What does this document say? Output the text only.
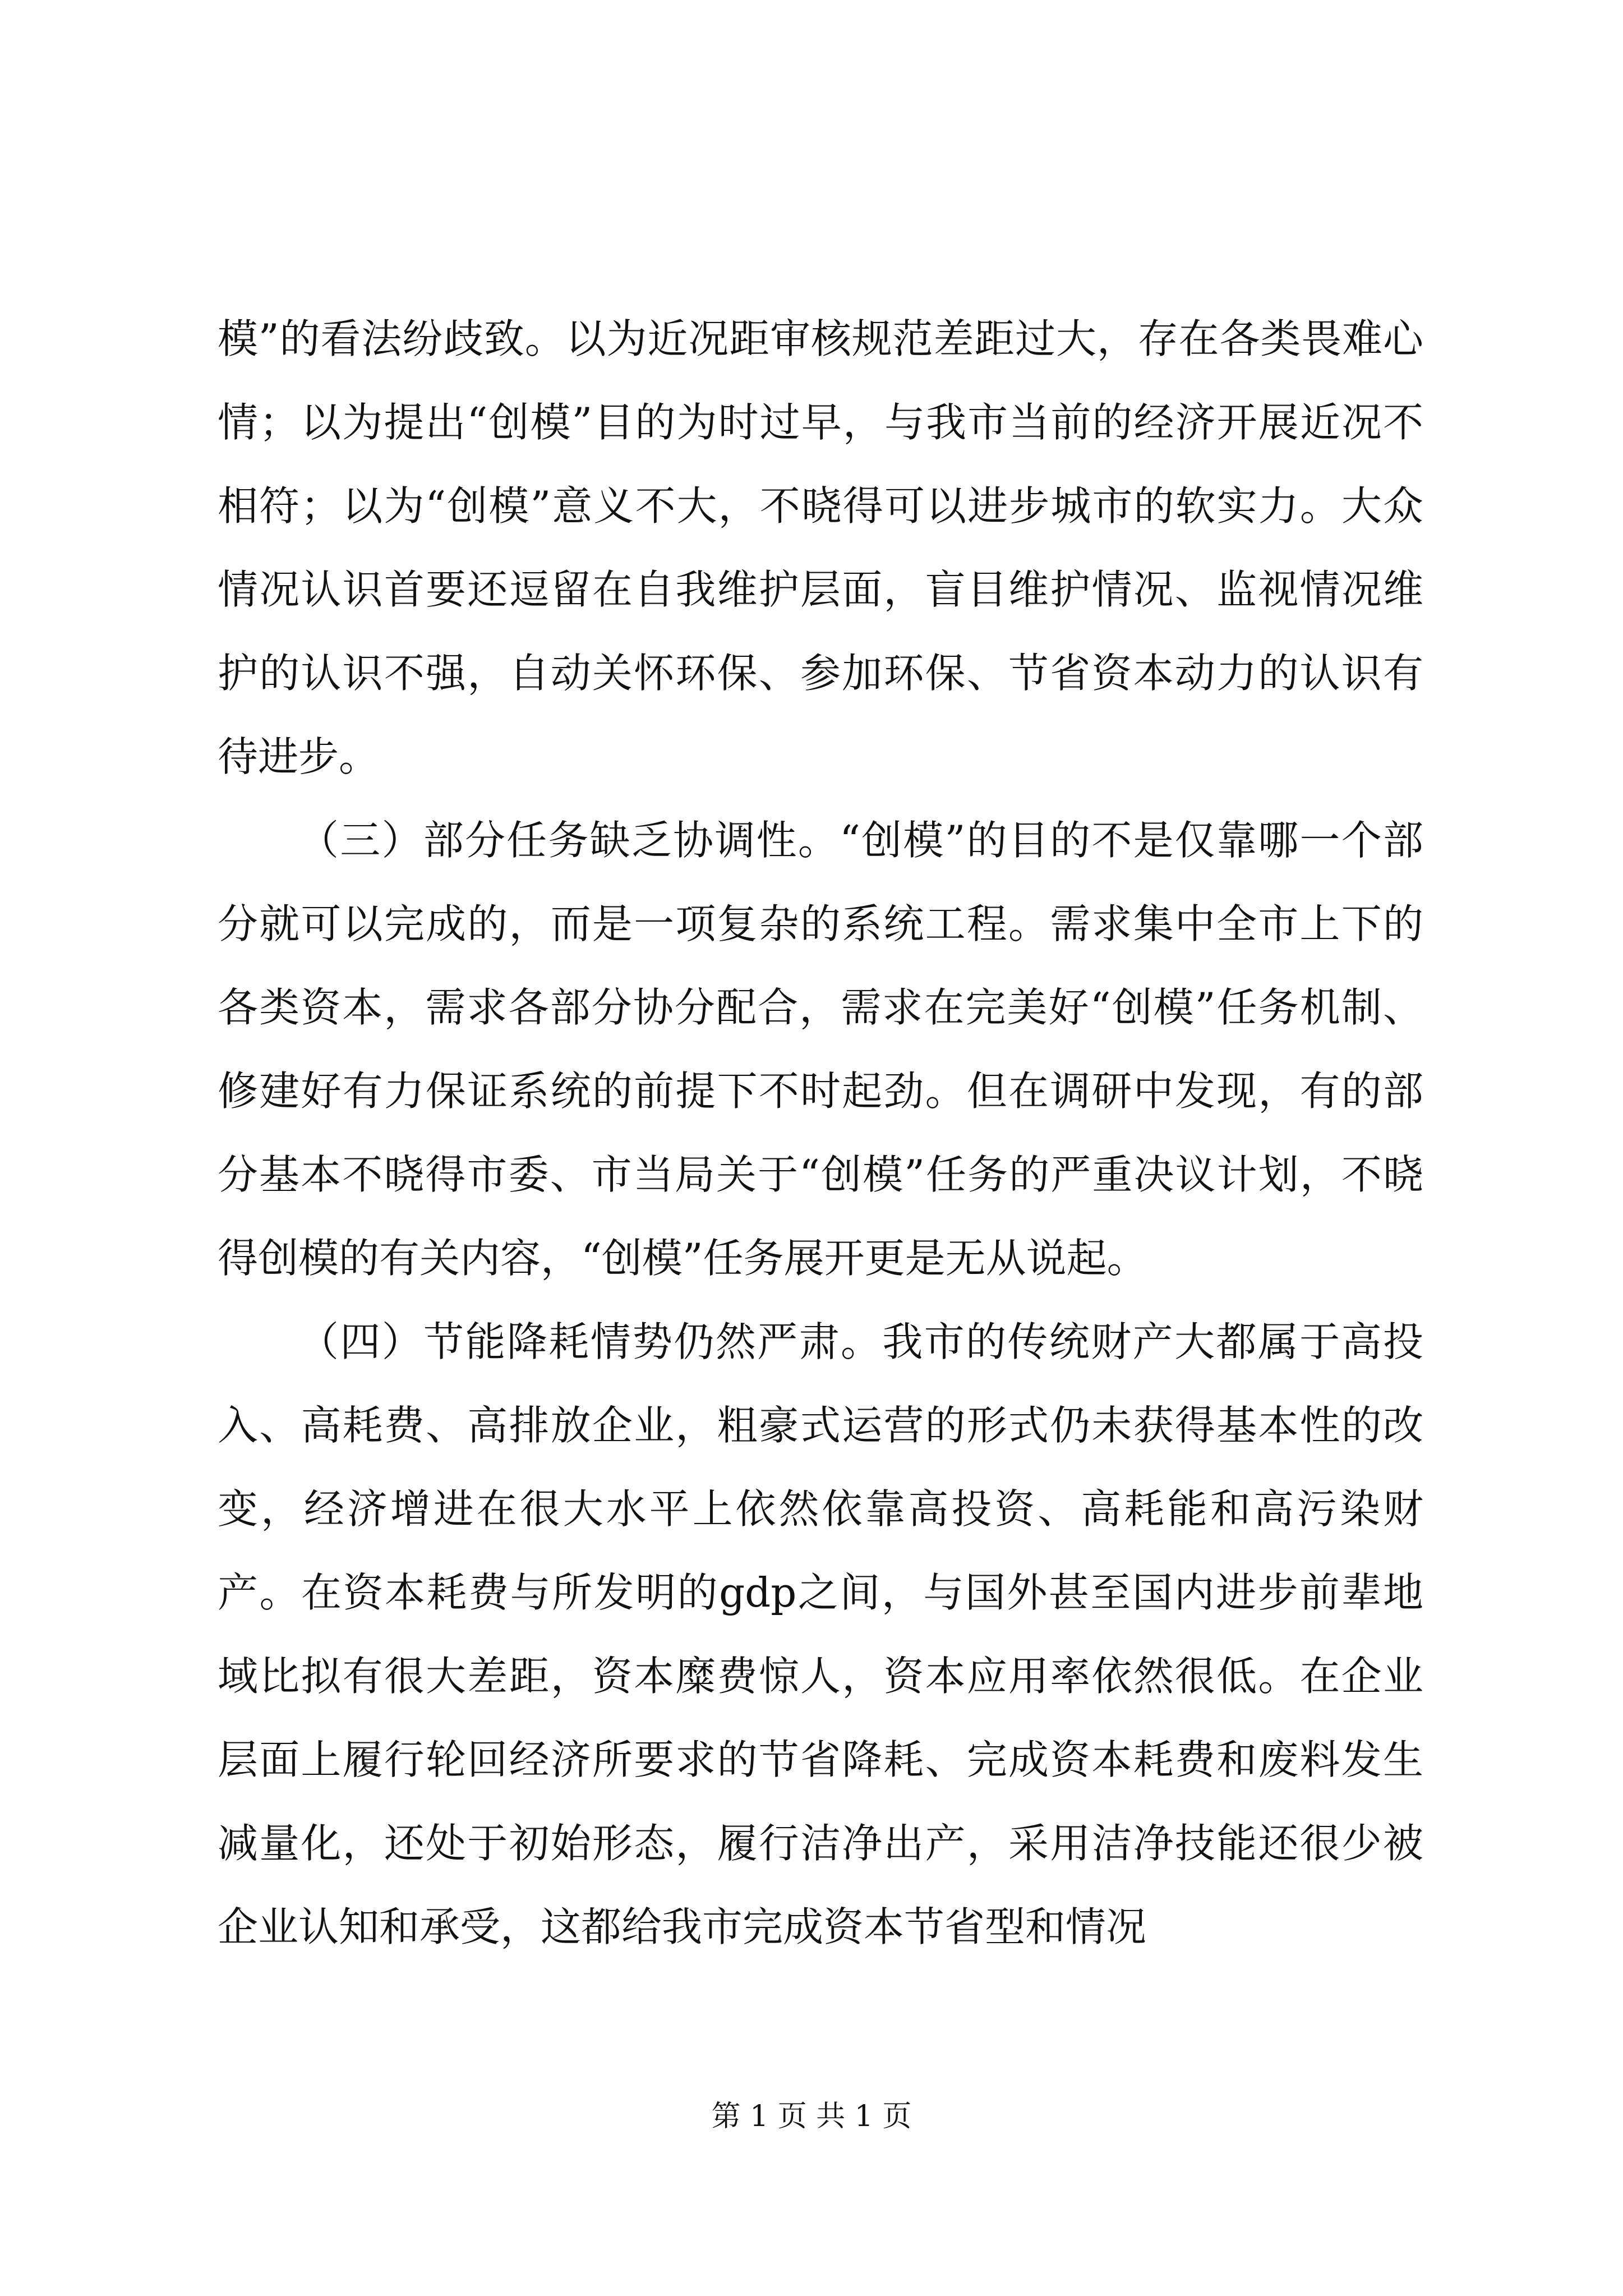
模”的看法纷歧致。以为近况距审核规范差距过大，存在各类畏难心情；以为提出“创模”目的为时过早，与我市当前的经济开展近况不相符；以为“创模”意义不大，不晓得可以进步城市的软实力。大众情况认识首要还逗留在自我维护层面，盲目维护情况、监视情况维护的认识不强，自动关怀环保、参加环保、节省资本动力的认识有待进步。

（三）部分任务缺乏协调性。“创模”的目的不是仅靠哪一个部分就可以完成的，而是一项复杂的系统工程。需求集中全市上下的各类资本，需求各部分协分配合，需求在完美好“创模”任务机制、修建好有力保证系统的前提下不时起劲。但在调研中发现，有的部分基本不晓得市委、市当局关于“创模”任务的严重决议计划，不晓得创模的有关内容，“创模”任务展开更是无从说起。

（四）节能降耗情势仍然严肃。我市的传统财产大都属于高投入、高耗费、高排放企业，粗豪式运营的形式仍未获得基本性的改变，经济增进在很大水平上依然依靠高投资、高耗能和高污染财产。在资本耗费与所发明的gdp之间，与国外甚至国内进步前辈地域比拟有很大差距，资本糜费惊人，资本应用率依然很低。在企业层面上履行轮回经济所要求的节省降耗、完成资本耗费和废料发生减量化，还处于初始形态，履行洁净出产，采用洁净技能还很少被企业认知和承受，这都给我市完成资本节省型和情况

第 1 页 共 1 页
